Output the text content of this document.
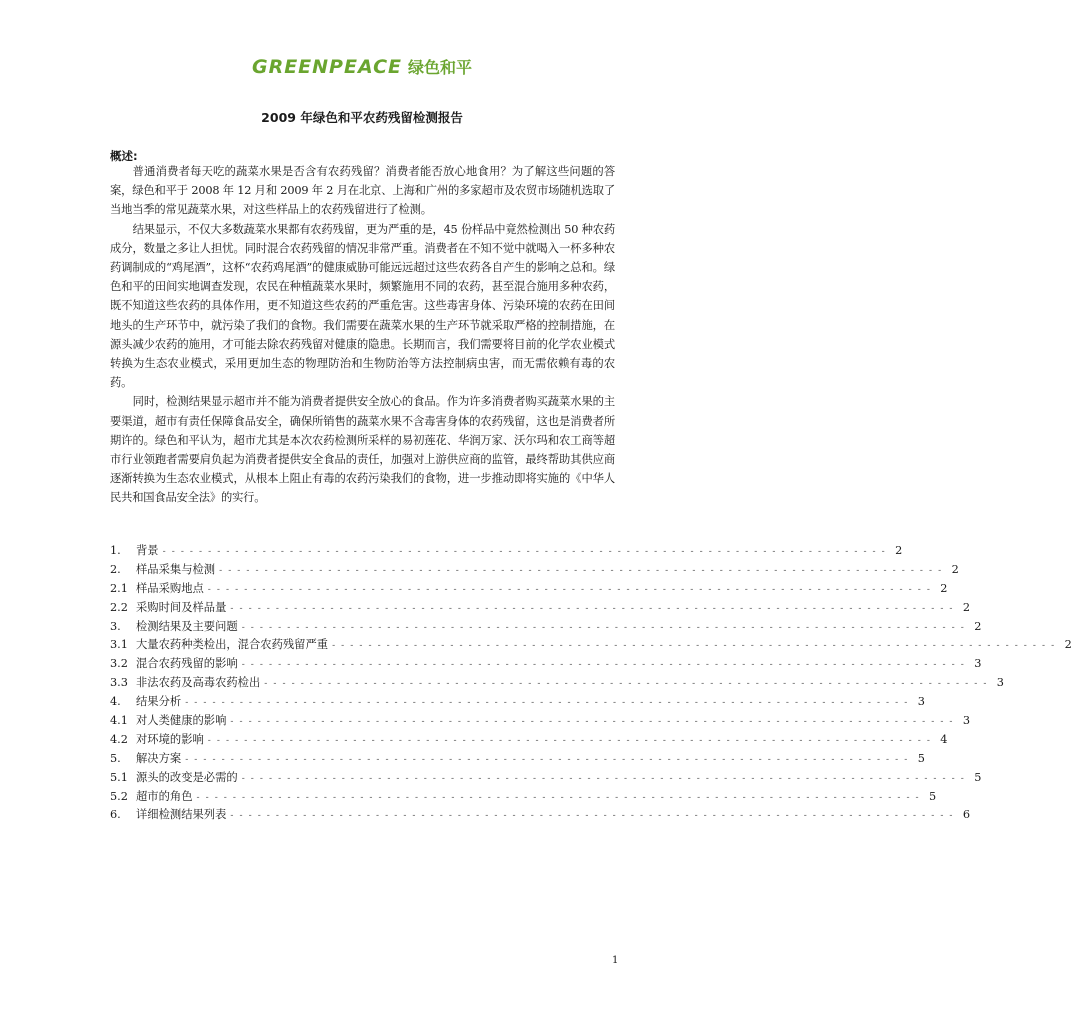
GREENPEACE 绿色和平
2009 年绿色和平农药残留检测报告
概述:

普通消费者每天吃的蔬菜水果是否含有农药残留？消费者能否放心地食用？为了解这些问题的答案，绿色和平于 2008 年 12 月和 2009 年 2 月在北京、上海和广州的多家超市及农贸市场随机选取了当地当季的常见蔬菜水果，对这些样品上的农药残留进行了检测。

结果显示，不仅大多数蔬菜水果都有农药残留，更为严重的是，45 份样品中竟然检测出 50 种农药成分，数量之多让人担忧。同时混合农药残留的情况非常严重。消费者在不知不觉中就喝入一杯多种农药调制成的“鸡尾酒”，这杯“农药鸡尾酒”的健康威胁可能远远超过这些农药各自产生的影响之总和。绿色和平的田间实地调查发现，农民在种植蔬菜水果时，频繁施用不同的农药，甚至混合施用多种农药，既不知道这些农药的具体作用，更不知道这些农药的严重危害。这些毒害身体、污染环境的农药在田间地头的生产环节中，就污染了我们的食物。我们需要在蔬菜水果的生产环节就采取严格的控制措施，在源头减少农药的施用，才可能去除农药残留对健康的隐患。长期而言，我们需要将目前的化学农业模式转换为生态农业模式，采用更加生态的物理防治和生物防治等方法控制病虫害，而无需依赖有毒的农药。

同时，检测结果显示超市并不能为消费者提供安全放心的食品。作为许多消费者购买蔬菜水果的主要渠道，超市有责任保障食品安全，确保所销售的蔬菜水果不含毒害身体的农药残留，这也是消费者所期许的。绿色和平认为，超市尤其是本次农药检测所采样的易初莲花、华润万家、沃尔玛和农工商等超市行业领跑者需要肩负起为消费者提供安全食品的责任，加强对上游供应商的监管，最终帮助其供应商逐渐转换为生态农业模式，从根本上阻止有毒的农药污染我们的食物，进一步推动即将实施的《中华人民共和国食品安全法》的实行。

1.	背景 - - - - - - - - - - - - - - - - - - - - - - - - - - - - - - - - - - - - - - - - - - - - - - - - - - - - - - - - - - - - - - - - - - - - - - - - - - - - - - - - 2
2.	样品采集与检测 - - - - - - - - - - - - - - - - - - - - - - - - - - - - - - - - - - - - - - - - - - - - - - - - - - - - - - - - - - - - - - - - - - - - - - - - - - - - - - - - 2
2.1 样品采购地点 - - - - - - - - - - - - - - - - - - - - - - - - - - - - - - - - - - - - - - - - - - - - - - - - - - - - - - - - - - - - - - - - - - - - - - - - - - - - - - - - 2
2.2 采购时间及样品量 - - - - - - - - - - - - - - - - - - - - - - - - - - - - - - - - - - - - - - - - - - - - - - - - - - - - - - - - - - - - - - - - - - - - - - - - - - - - - - - - 2
3.	检测结果及主要问题 - - - - - - - - - - - - - - - - - - - - - - - - - - - - - - - - - - - - - - - - - - - - - - - - - - - - - - - - - - - - - - - - - - - - - - - - - - - - - - - - 2
3.1 大量农药种类检出，混合农药残留严重 - - - - - - - - - - - - - - - - - - - - - - - - - - - - - - - - - - - - - - - - - - - - - - - - - - - - - - - - - - - - - - - - - - - - - - - - - - - - - - - - 2
3.2 混合农药残留的影响 - - - - - - - - - - - - - - - - - - - - - - - - - - - - - - - - - - - - - - - - - - - - - - - - - - - - - - - - - - - - - - - - - - - - - - - - - - - - - - - - 3
3.3 非法农药及高毒农药检出 - - - - - - - - - - - - - - - - - - - - - - - - - - - - - - - - - - - - - - - - - - - - - - - - - - - - - - - - - - - - - - - - - - - - - - - - - - - - - - - - 3
4.	结果分析 - - - - - - - - - - - - - - - - - - - - - - - - - - - - - - - - - - - - - - - - - - - - - - - - - - - - - - - - - - - - - - - - - - - - - - - - - - - - - - - - 3
4.1 对人类健康的影响 - - - - - - - - - - - - - - - - - - - - - - - - - - - - - - - - - - - - - - - - - - - - - - - - - - - - - - - - - - - - - - - - - - - - - - - - - - - - - - - - 3
4.2 对环境的影响 - - - - - - - - - - - - - - - - - - - - - - - - - - - - - - - - - - - - - - - - - - - - - - - - - - - - - - - - - - - - - - - - - - - - - - - - - - - - - - - - 4
5.	解决方案 - - - - - - - - - - - - - - - - - - - - - - - - - - - - - - - - - - - - - - - - - - - - - - - - - - - - - - - - - - - - - - - - - - - - - - - - - - - - - - - - 5
5.1 源头的改变是必需的 - - - - - - - - - - - - - - - - - - - - - - - - - - - - - - - - - - - - - - - - - - - - - - - - - - - - - - - - - - - - - - - - - - - - - - - - - - - - - - - - 5
5.2 超市的角色 - - - - - - - - - - - - - - - - - - - - - - - - - - - - - - - - - - - - - - - - - - - - - - - - - - - - - - - - - - - - - - - - - - - - - - - - - - - - - - - - 5
6.	详细检测结果列表 - - - - - - - - - - - - - - - - - - - - - - - - - - - - - - - - - - - - - - - - - - - - - - - - - - - - - - - - - - - - - - - - - - - - - - - - - - - - - - - - 6
1
